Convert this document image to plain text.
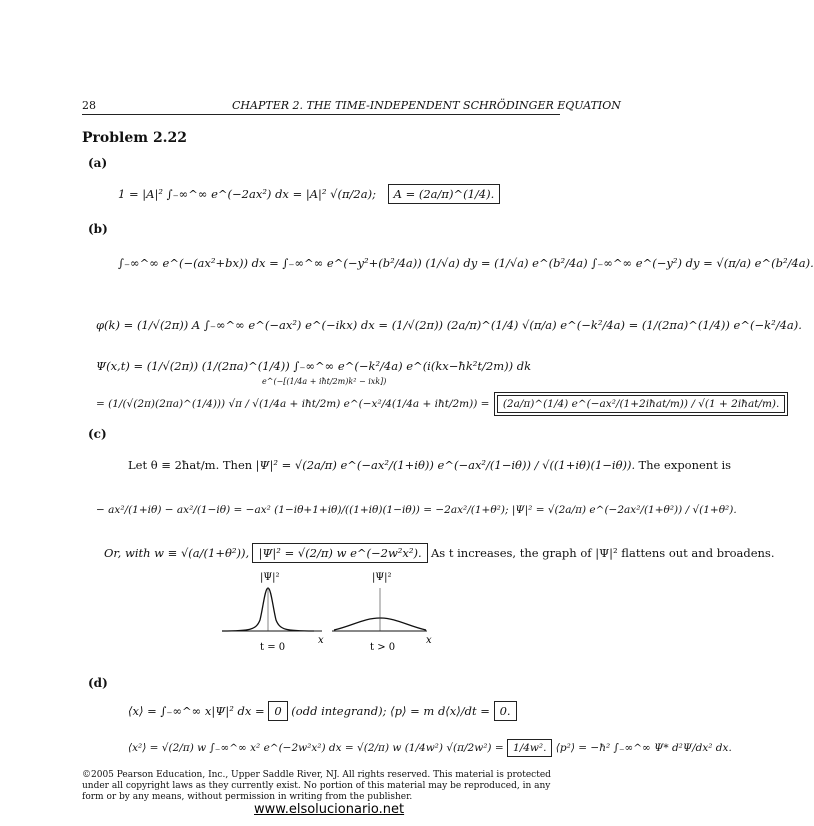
28	CHAPTER 2. THE TIME-INDEPENDENT SCHRÖDINGER EQUATION
Problem 2.22
(a)
1 = |A|² ∫₋∞^∞ e^(−2ax²) dx = |A|² √(π/2a); A = (2a/π)^(1/4).
(b)
∫₋∞^∞ e^(−(ax²+bx)) dx = ∫₋∞^∞ e^(−y²+(b²/4a)) (1/√a) dy = (1/√a) e^(b²/4a) ∫₋∞^∞ e^(−y²) dy = √(π/a) e^(b²/4a).
φ(k) = (1/√(2π)) A ∫₋∞^∞ e^(−ax²) e^(−ikx) dx = (1/√(2π)) (2a/π)^(1/4) √(π/a) e^(−k²/4a) = (1/(2πa)^(1/4)) e^(−k²/4a).
Ψ(x,t) = (1/√(2π)) (1/(2πa)^(1/4)) ∫₋∞^∞ e^(−k²/4a) e^(i(kx−ħk²t/2m)) dk
e^(−[(1/4a + iħt/2m)k² − ixk])
= (1/(√(2π)(2πa)^(1/4))) √π / √(1/4a + iħt/2m) e^(−x²/4(1/4a + iħt/2m)) = (2a/π)^(1/4) e^(−ax²/(1+2iħat/m)) / √(1 + 2iħat/m).
(c)
Let θ ≡ 2ħat/m. Then |Ψ|² = √(2a/π) e^(−ax²/(1+iθ)) e^(−ax²/(1−iθ)) / √((1+iθ)(1−iθ)). The exponent is
− ax²/(1+iθ) − ax²/(1−iθ) = −ax² (1−iθ+1+iθ)/((1+iθ)(1−iθ)) = −2ax²/(1+θ²); |Ψ|² = √(2a/π) e^(−2ax²/(1+θ²)) / √(1+θ²).
Or, with w ≡ √(a/(1+θ²)), |Ψ|² = √(2/π) w e^(−2w²x²). As t increases, the graph of |Ψ|² flattens out and broadens.
|Ψ|²
x
t = 0
|Ψ|²
x
t > 0
(d)
⟨x⟩ = ∫₋∞^∞ x|Ψ|² dx = 0 (odd integrand); ⟨p⟩ = m d⟨x⟩/dt = 0.
⟨x²⟩ = √(2/π) w ∫₋∞^∞ x² e^(−2w²x²) dx = √(2/π) w (1/4w²) √(π/2w²) = 1/4w². ⟨p²⟩ = −ħ² ∫₋∞^∞ Ψ* d²Ψ/dx² dx.
©2005 Pearson Education, Inc., Upper Saddle River, NJ. All rights reserved. This material is protected under all copyright laws as they currently exist. No portion of this material may be reproduced, in any form or by any means, without permission in writing from the publisher.
www.elsolucionario.net
